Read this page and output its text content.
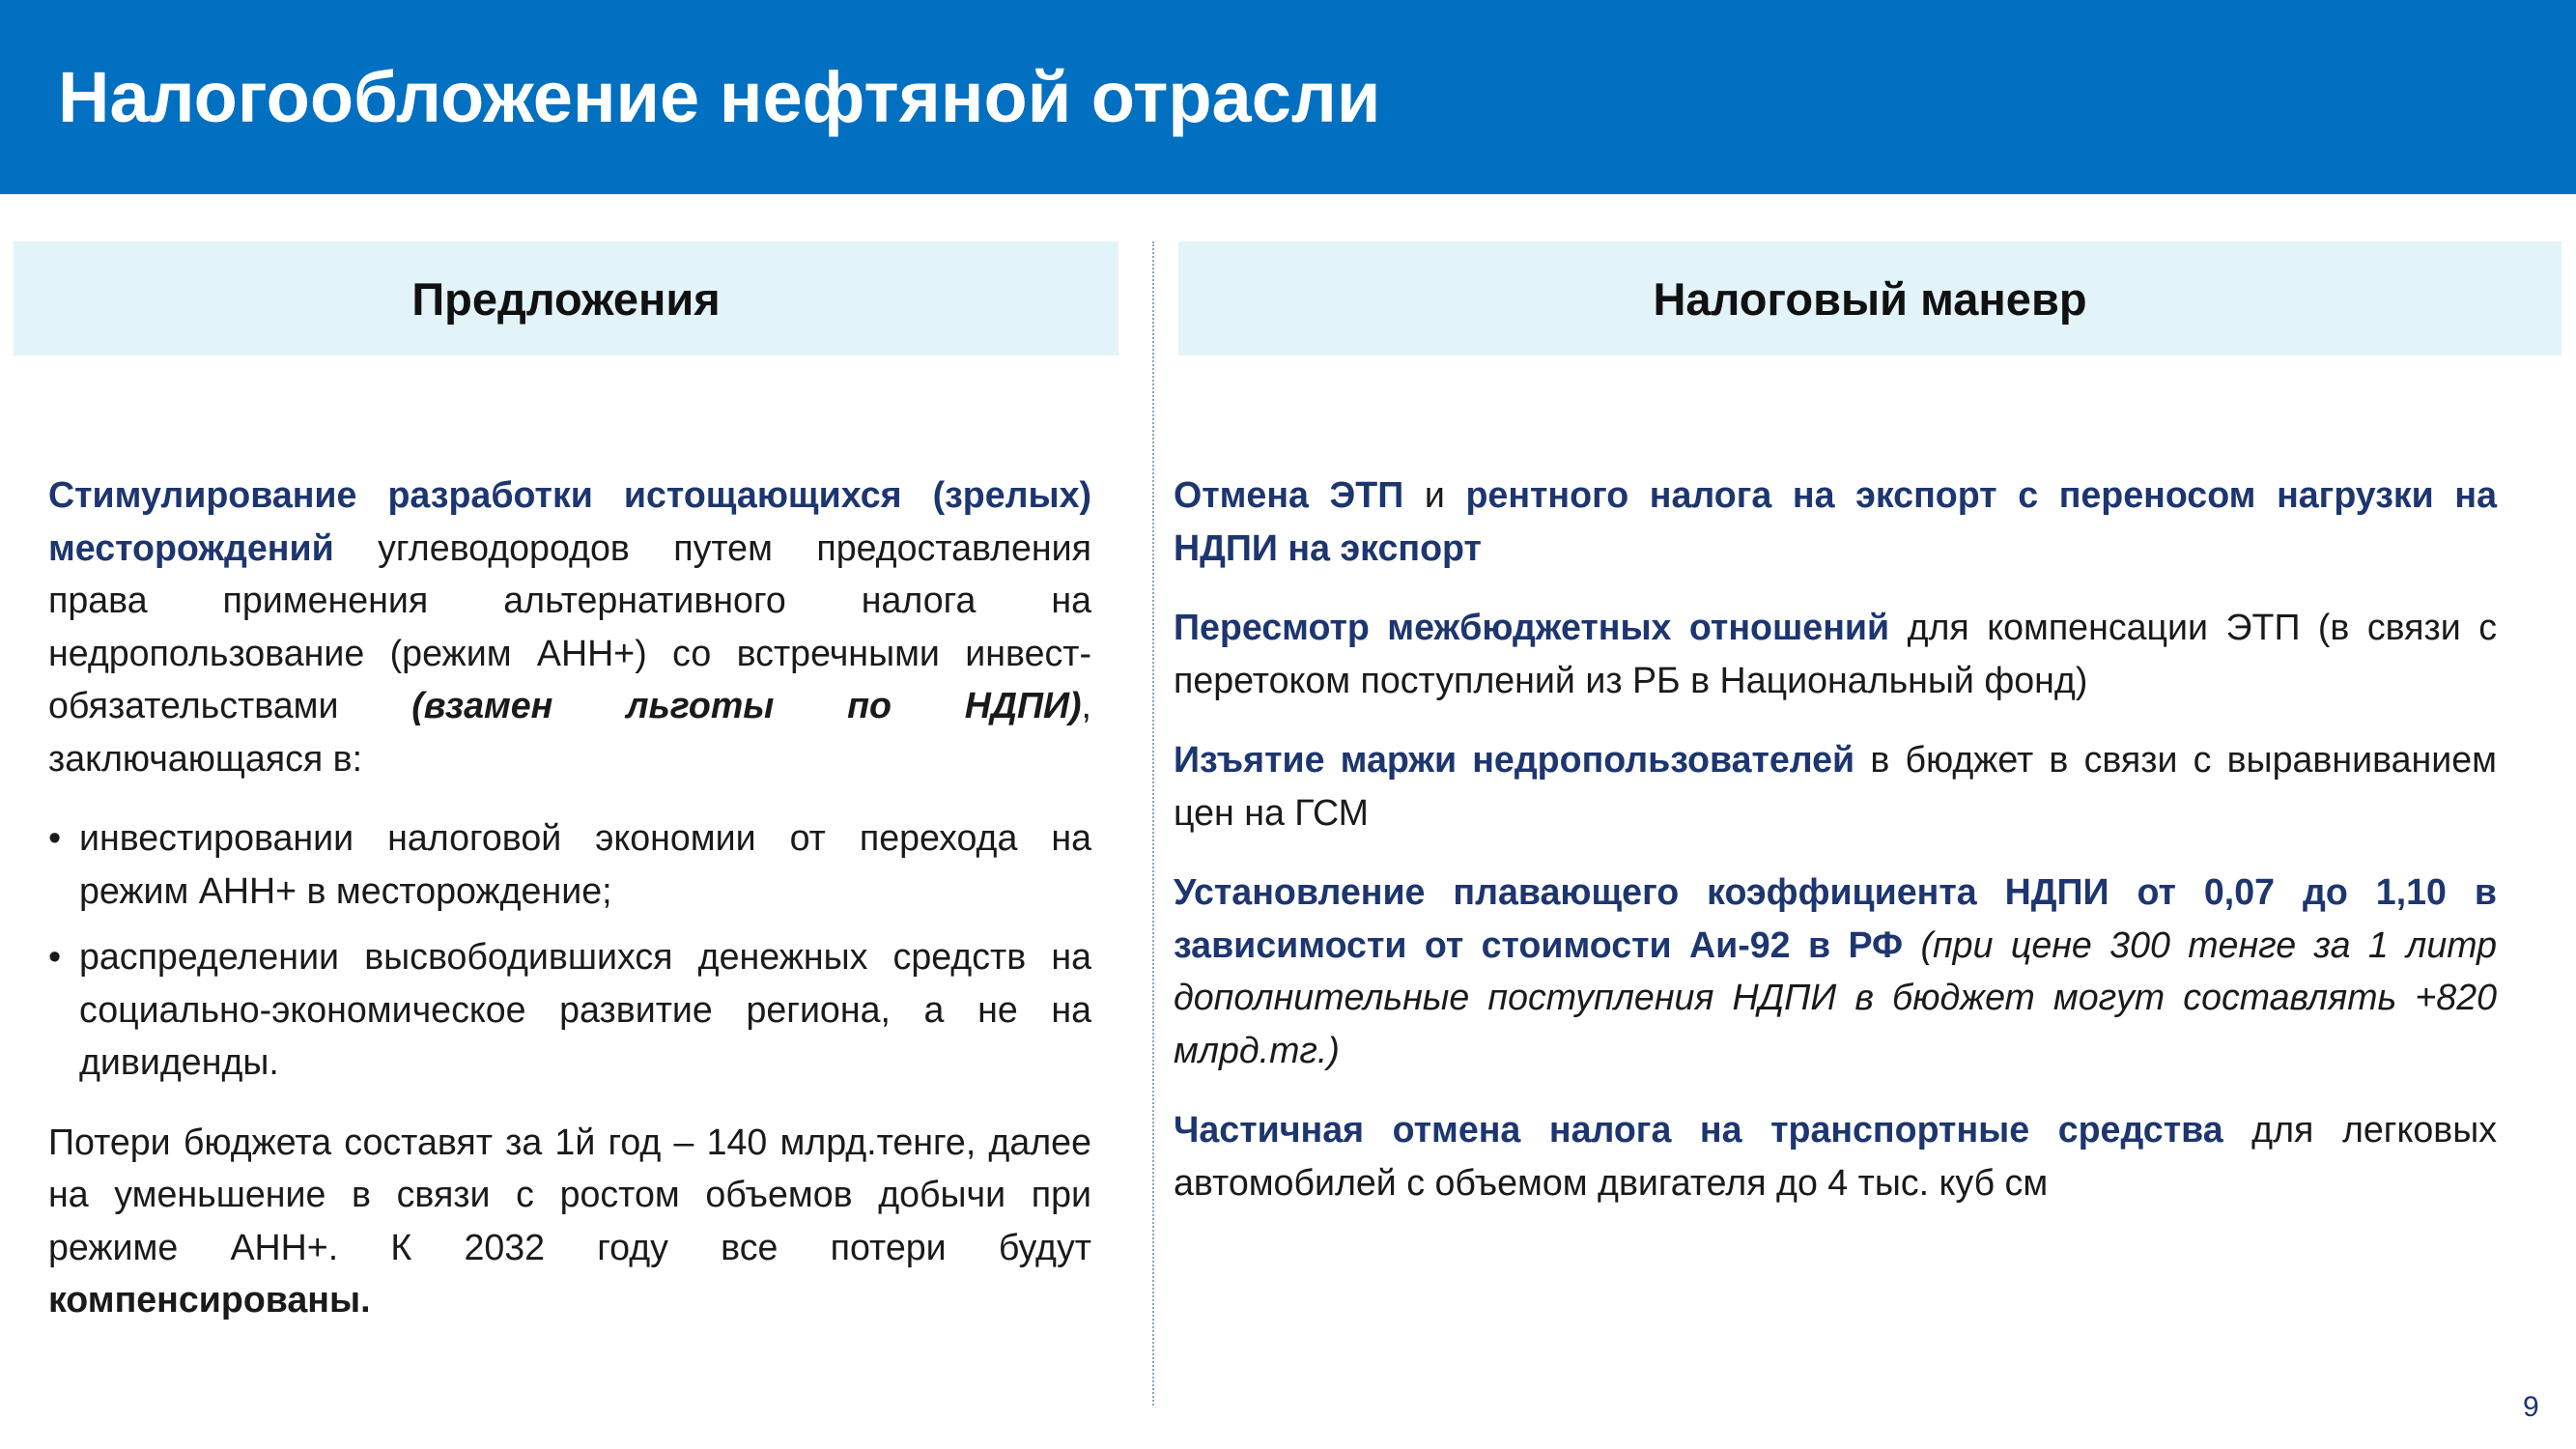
Налогообложение нефтяной отрасли
Предложения	Налоговый маневр

Стимулирование разработки истощающихся (зрелых) месторождений углеводородов путем предоставления права применения альтернативного налога на недропользование (режим АНН+) со встречными инвест-обязательствами (взамен льготы по НДПИ), заключающаяся в:

• инвестировании налоговой экономии от перехода на режим АНН+ в месторождение;
• распределении высвободившихся денежных средств на социально-экономическое развитие региона, а не на дивиденды.

Потери бюджета составят за 1й год – 140 млрд.тенге, далее на уменьшение в связи с ростом объемов добычи при режиме АНН+. К 2032 году все потери будут компенсированы.

Отмена ЭТП и рентного налога на экспорт с переносом нагрузки на НДПИ на экспорт

Пересмотр межбюджетных отношений для компенсации ЭТП (в связи с перетоком поступлений из РБ в Национальный фонд)

Изъятие маржи недропользователей в бюджет в связи с выравниванием цен на ГСМ

Установление плавающего коэффициента НДПИ от 0,07 до 1,10 в зависимости от стоимости Аи-92 в РФ (при цене 300 тенге за 1 литр дополнительные поступления НДПИ в бюджет могут составлять +820 млрд.тг.)

Частичная отмена налога на транспортные средства для легковых автомобилей с объемом двигателя до 4 тыс. куб см

9
